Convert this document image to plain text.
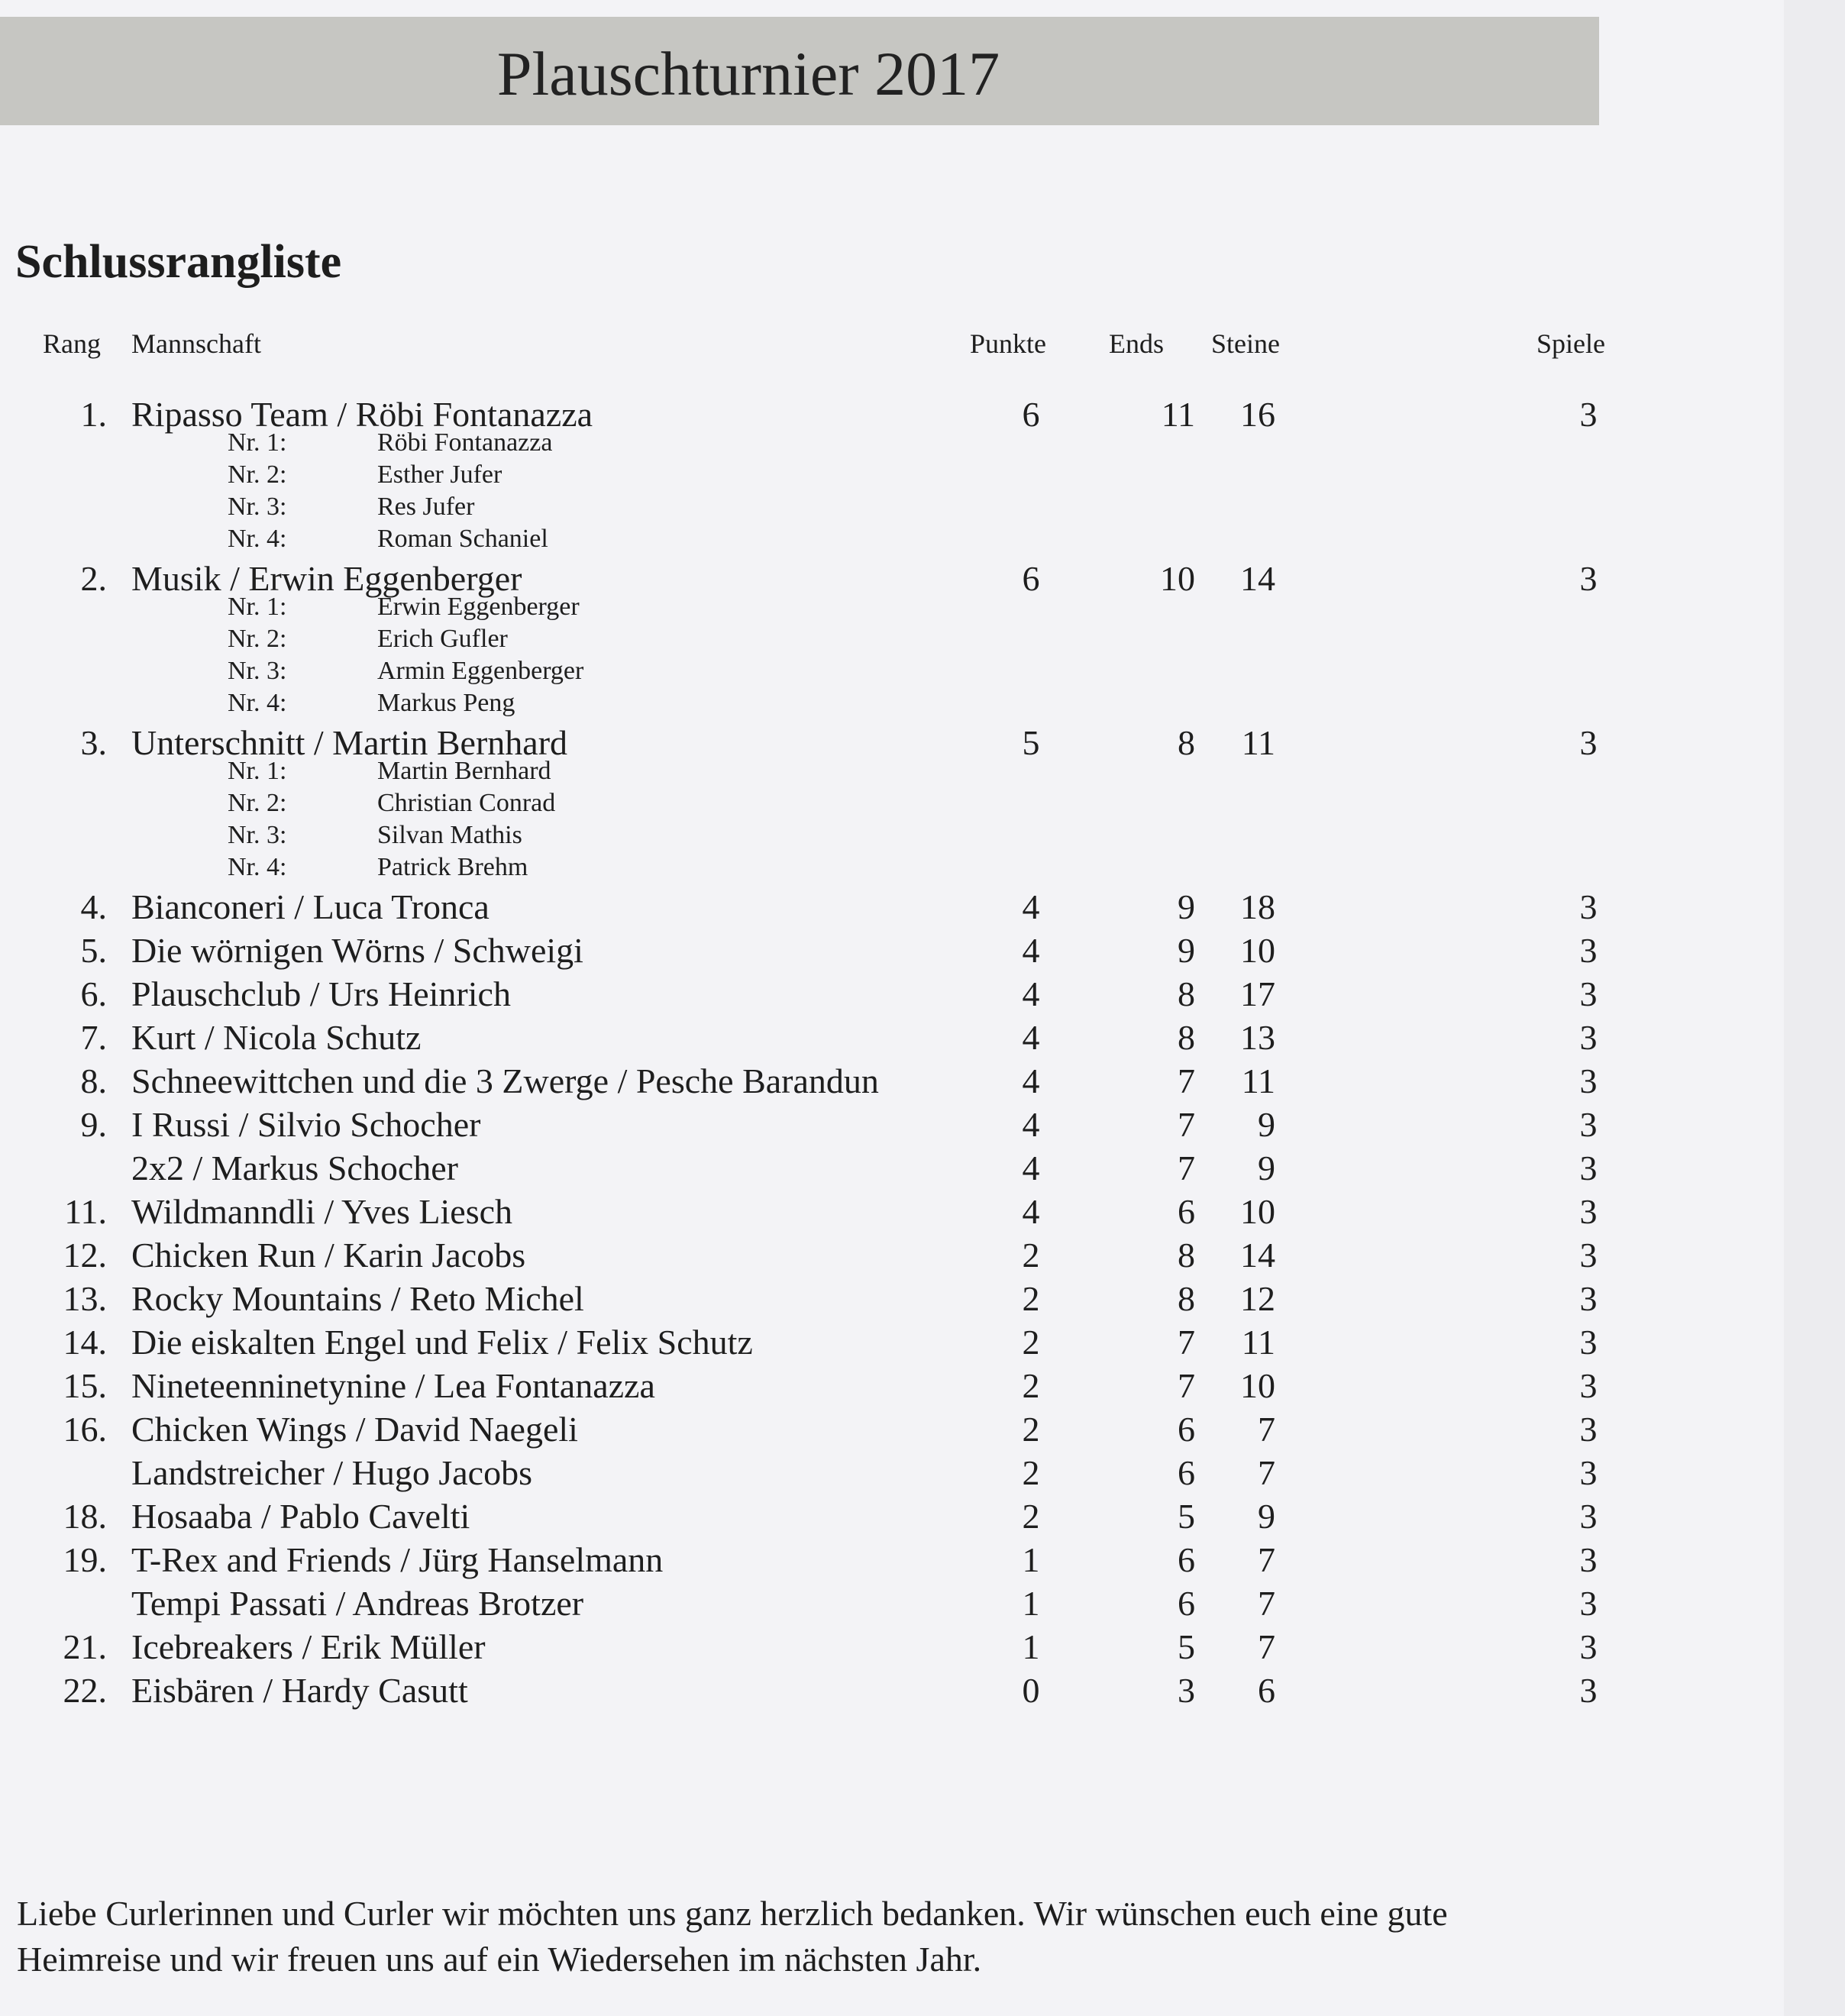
Plauschturnier 2017
Schlussrangliste
Rang Mannschaft	Punkte Ends Steine	Spiele
1. Ripasso Team / Röbi Fontanazza	6	11	16	3
Nr. 1:	Röbi Fontanazza
Nr. 2:	Esther Jufer
Nr. 3:	Res Jufer
Nr. 4:	Roman Schaniel
2. Musik / Erwin Eggenberger	6	10	14	3
Nr. 1:	Erwin Eggenberger
Nr. 2:	Erich Gufler
Nr. 3:	Armin Eggenberger
Nr. 4:	Markus Peng
3. Unterschnitt / Martin Bernhard	5	8	11	3
Nr. 1:	Martin Bernhard
Nr. 2:	Christian Conrad
Nr. 3:	Silvan Mathis
Nr. 4:	Patrick Brehm
4. Bianconeri / Luca Tronca	4	9	18	3
5. Die wörnigen Wörns / Schweigi	4	9	10	3
6. Plauschclub / Urs Heinrich	4	8	17	3
7. Kurt / Nicola Schutz	4	8	13	3
8. Schneewittchen und die 3 Zwerge / Pesche Barandun	4	7	11	3
9. I Russi / Silvio Schocher	4	7	9	3
2x2 / Markus Schocher	4	7	9	3
11. Wildmanndli / Yves Liesch	4	6	10	3
12. Chicken Run / Karin Jacobs	2	8	14	3
13. Rocky Mountains / Reto Michel	2	8	12	3
14. Die eiskalten Engel und Felix / Felix Schutz	2	7	11	3
15. Nineteenninetynine / Lea Fontanazza	2	7	10	3
16. Chicken Wings / David Naegeli	2	6	7	3
Landstreicher / Hugo Jacobs	2	6	7	3
18. Hosaaba / Pablo Cavelti	2	5	9	3
19. T-Rex and Friends / Jürg Hanselmann	1	6	7	3
Tempi Passati / Andreas Brotzer	1	6	7	3
21. Icebreakers / Erik Müller	1	5	7	3
22. Eisbären / Hardy Casutt	0	3	6	3
Liebe Curlerinnen und Curler wir möchten uns ganz herzlich bedanken. Wir wünschen euch eine gute
Heimreise und wir freuen uns auf ein Wiedersehen im nächsten Jahr.
